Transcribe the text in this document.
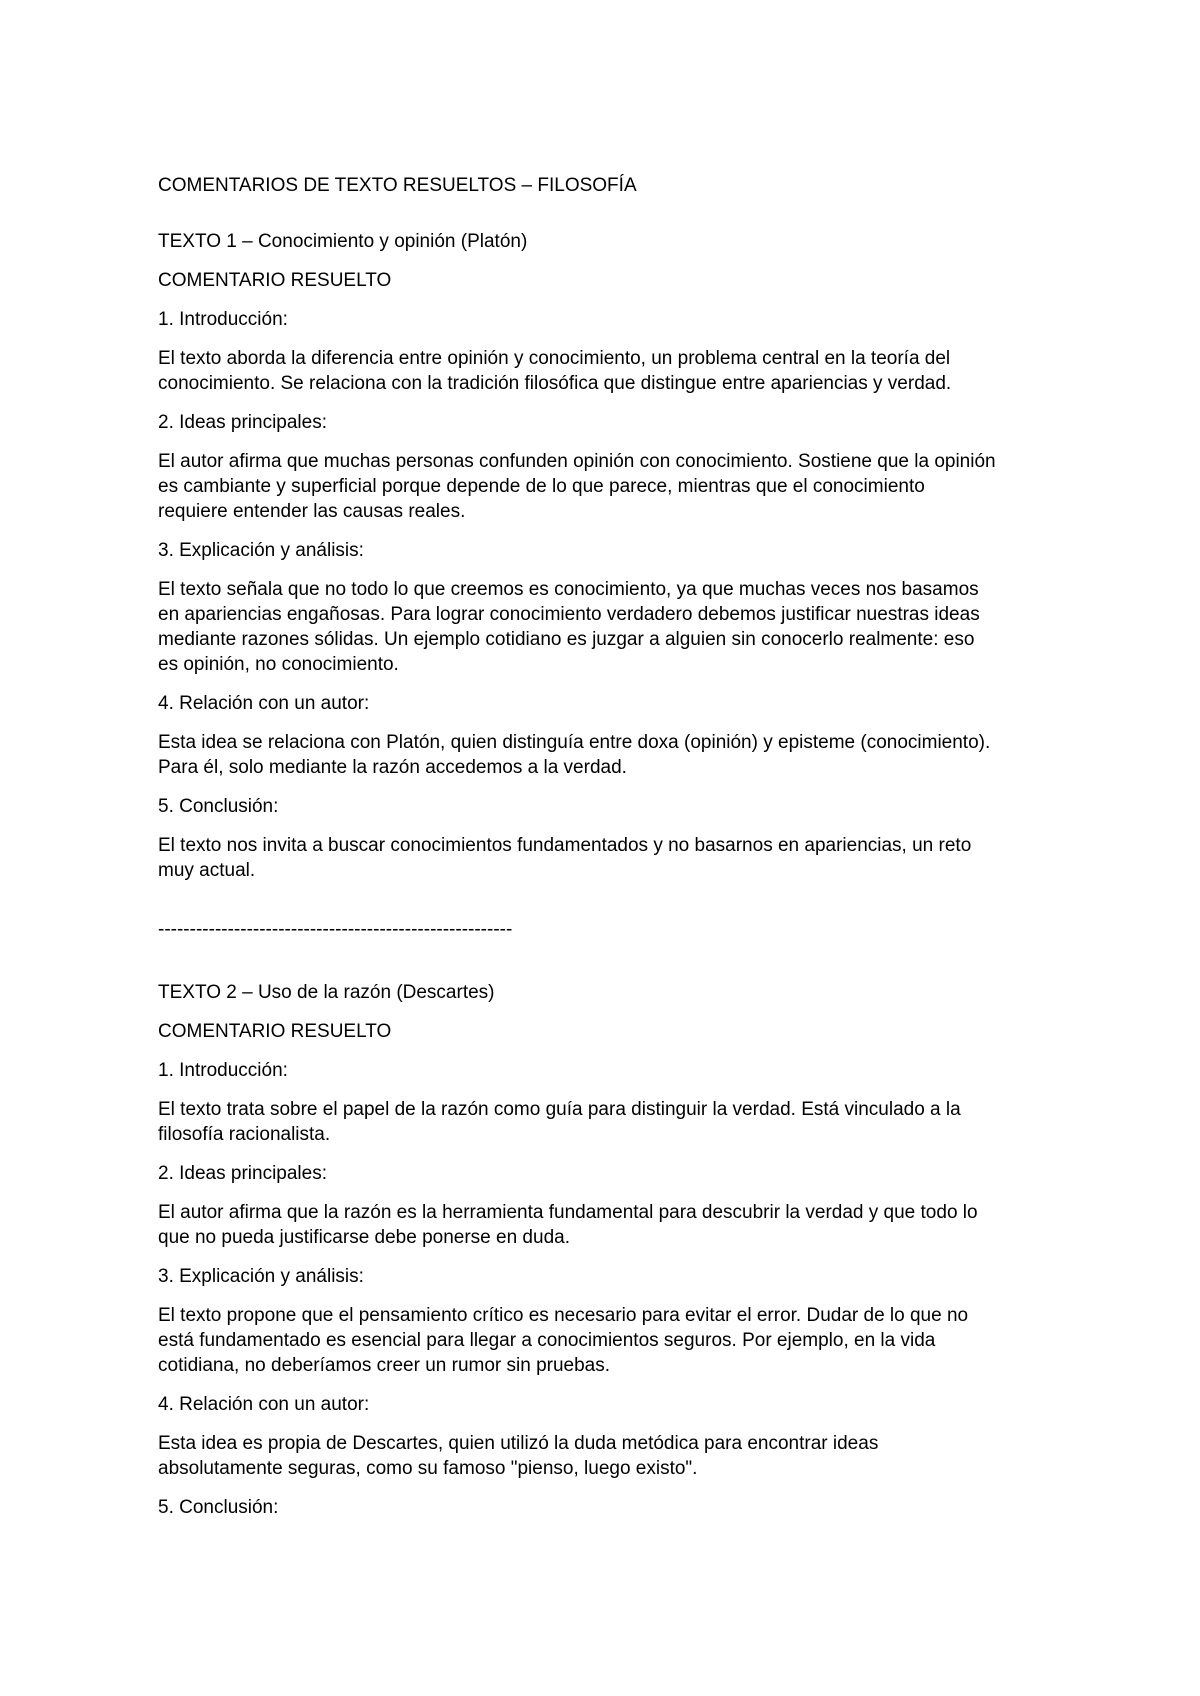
COMENTARIOS DE TEXTO RESUELTOS – FILOSOFÍA

TEXTO 1 – Conocimiento y opinión (Platón)

COMENTARIO RESUELTO

1. Introducción:

El texto aborda la diferencia entre opinión y conocimiento, un problema central en la teoría del
conocimiento. Se relaciona con la tradición filosófica que distingue entre apariencias y verdad.

2. Ideas principales:

El autor afirma que muchas personas confunden opinión con conocimiento. Sostiene que la opinión
es cambiante y superficial porque depende de lo que parece, mientras que el conocimiento
requiere entender las causas reales.

3. Explicación y análisis:

El texto señala que no todo lo que creemos es conocimiento, ya que muchas veces nos basamos
en apariencias engañosas. Para lograr conocimiento verdadero debemos justificar nuestras ideas
mediante razones sólidas. Un ejemplo cotidiano es juzgar a alguien sin conocerlo realmente: eso
es opinión, no conocimiento.

4. Relación con un autor:

Esta idea se relaciona con Platón, quien distinguía entre doxa (opinión) y episteme (conocimiento).
Para él, solo mediante la razón accedemos a la verdad.

5. Conclusión:

El texto nos invita a buscar conocimientos fundamentados y no basarnos en apariencias, un reto
muy actual.

--------------------------------------------------------

TEXTO 2 – Uso de la razón (Descartes)

COMENTARIO RESUELTO

1. Introducción:

El texto trata sobre el papel de la razón como guía para distinguir la verdad. Está vinculado a la
filosofía racionalista.

2. Ideas principales:

El autor afirma que la razón es la herramienta fundamental para descubrir la verdad y que todo lo
que no pueda justificarse debe ponerse en duda.

3. Explicación y análisis:

El texto propone que el pensamiento crítico es necesario para evitar el error. Dudar de lo que no
está fundamentado es esencial para llegar a conocimientos seguros. Por ejemplo, en la vida
cotidiana, no deberíamos creer un rumor sin pruebas.

4. Relación con un autor:

Esta idea es propia de Descartes, quien utilizó la duda metódica para encontrar ideas
absolutamente seguras, como su famoso "pienso, luego existo".

5. Conclusión:
